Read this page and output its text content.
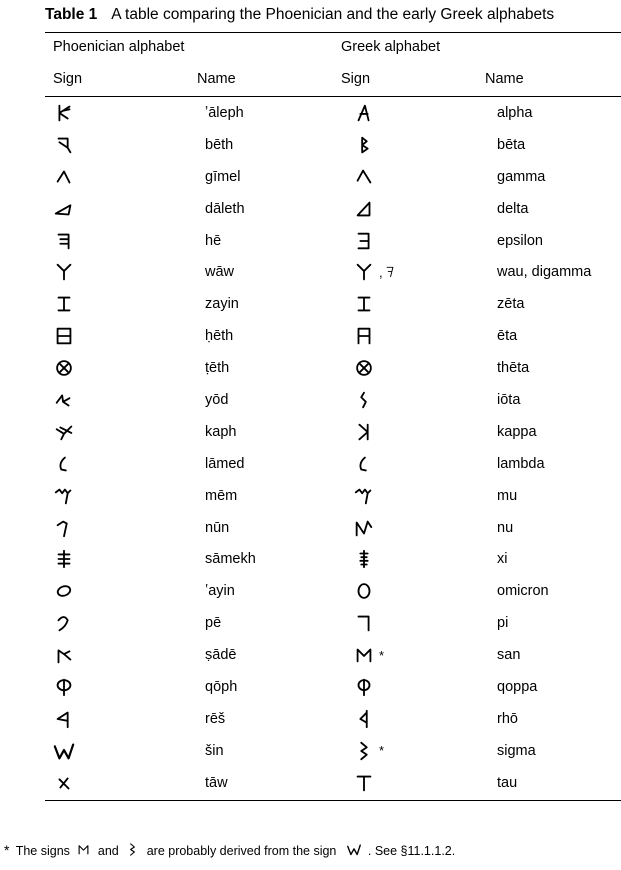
Table 1 A table comparing the Phoenician and the early Greek alphabets
Phoenician alphabet	Greek alphabet
Sign	Name	Sign	Name
	ʼāleph		alpha

	bēth		bēta

	gīmel		gamma

	dāleth		delta

	hē		epsilon

	wāw	,	wau, digamma

	zayin		zēta

	ḥēth		ēta

	ṭēth		thēta

	yōd		iōta

	kaph		kappa

	lāmed		lambda

	mēm		mu

	nūn		nu

	sāmekh		xi

	ʽayin		omicron

	pē		pi

	ṣādē	*	san

	qōph		qoppa

	rēš		rhō

	šin	*	sigma

	tāw		tau
* The signs and are probably derived from the sign	. See §11.1.1.2.
